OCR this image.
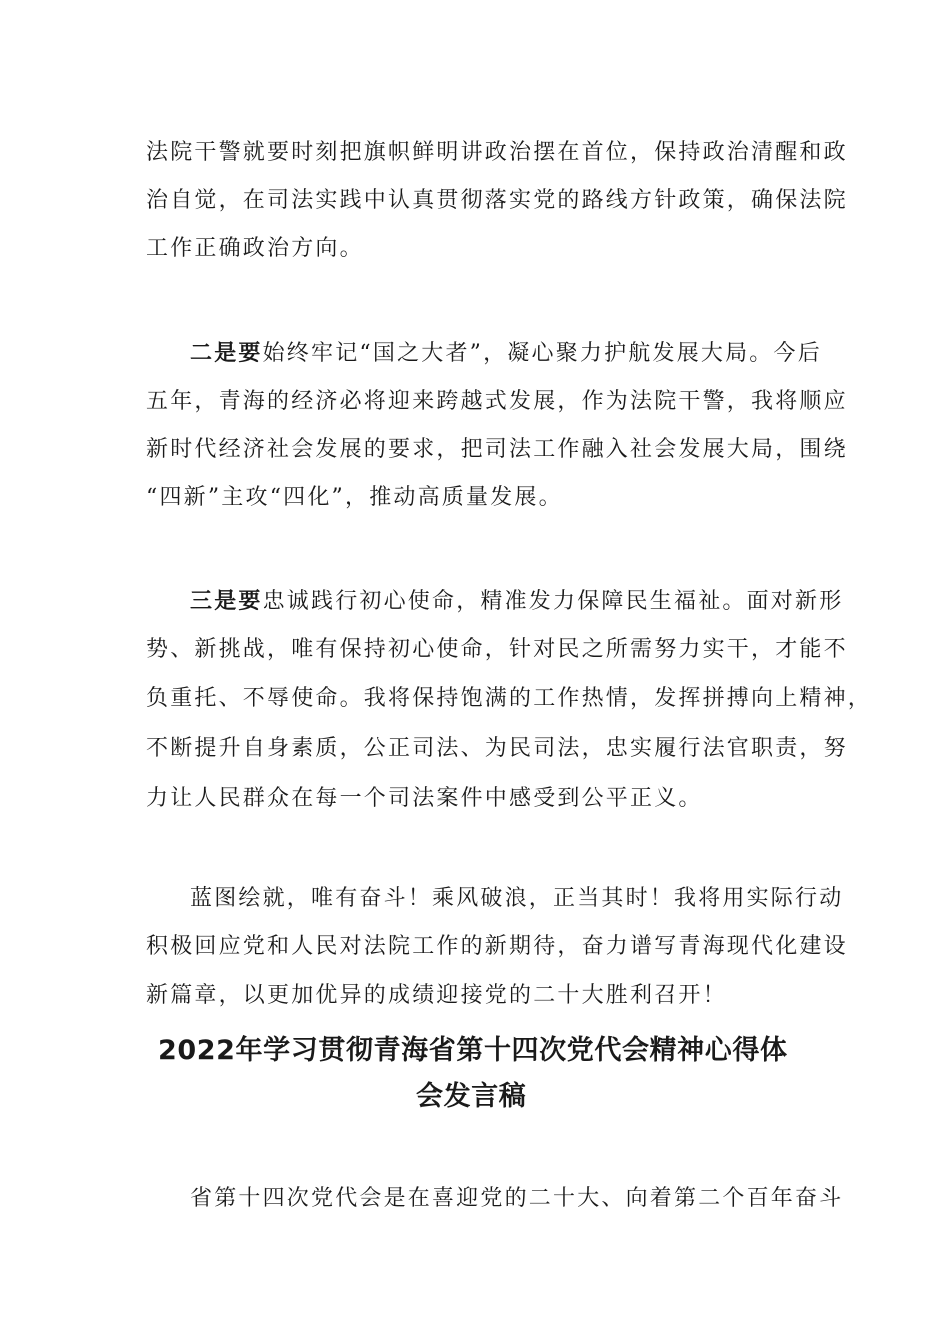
法院干警就要时刻把旗帜鲜明讲政治摆在首位，保持政治清醒和政
治自觉，在司法实践中认真贯彻落实党的路线方针政策，确保法院
工作正确政治方向。
二是要始终牢记“国之大者”，凝心聚力护航发展大局。今后
五年，青海的经济必将迎来跨越式发展，作为法院干警，我将顺应
新时代经济社会发展的要求，把司法工作融入社会发展大局，围绕
“四新”主攻“四化”，推动高质量发展。
三是要忠诚践行初心使命，精准发力保障民生福祉。面对新形
势、新挑战，唯有保持初心使命，针对民之所需努力实干，才能不
负重托、不辱使命。我将保持饱满的工作热情，发挥拼搏向上精神，
不断提升自身素质，公正司法、为民司法，忠实履行法官职责，努
力让人民群众在每一个司法案件中感受到公平正义。
蓝图绘就，唯有奋斗！乘风破浪，正当其时！我将用实际行动
积极回应党和人民对法院工作的新期待，奋力谱写青海现代化建设
新篇章，以更加优异的成绩迎接党的二十大胜利召开！
2022年学习贯彻青海省第十四次党代会精神心得体
会发言稿
省第十四次党代会是在喜迎党的二十大、向着第二个百年奋斗
